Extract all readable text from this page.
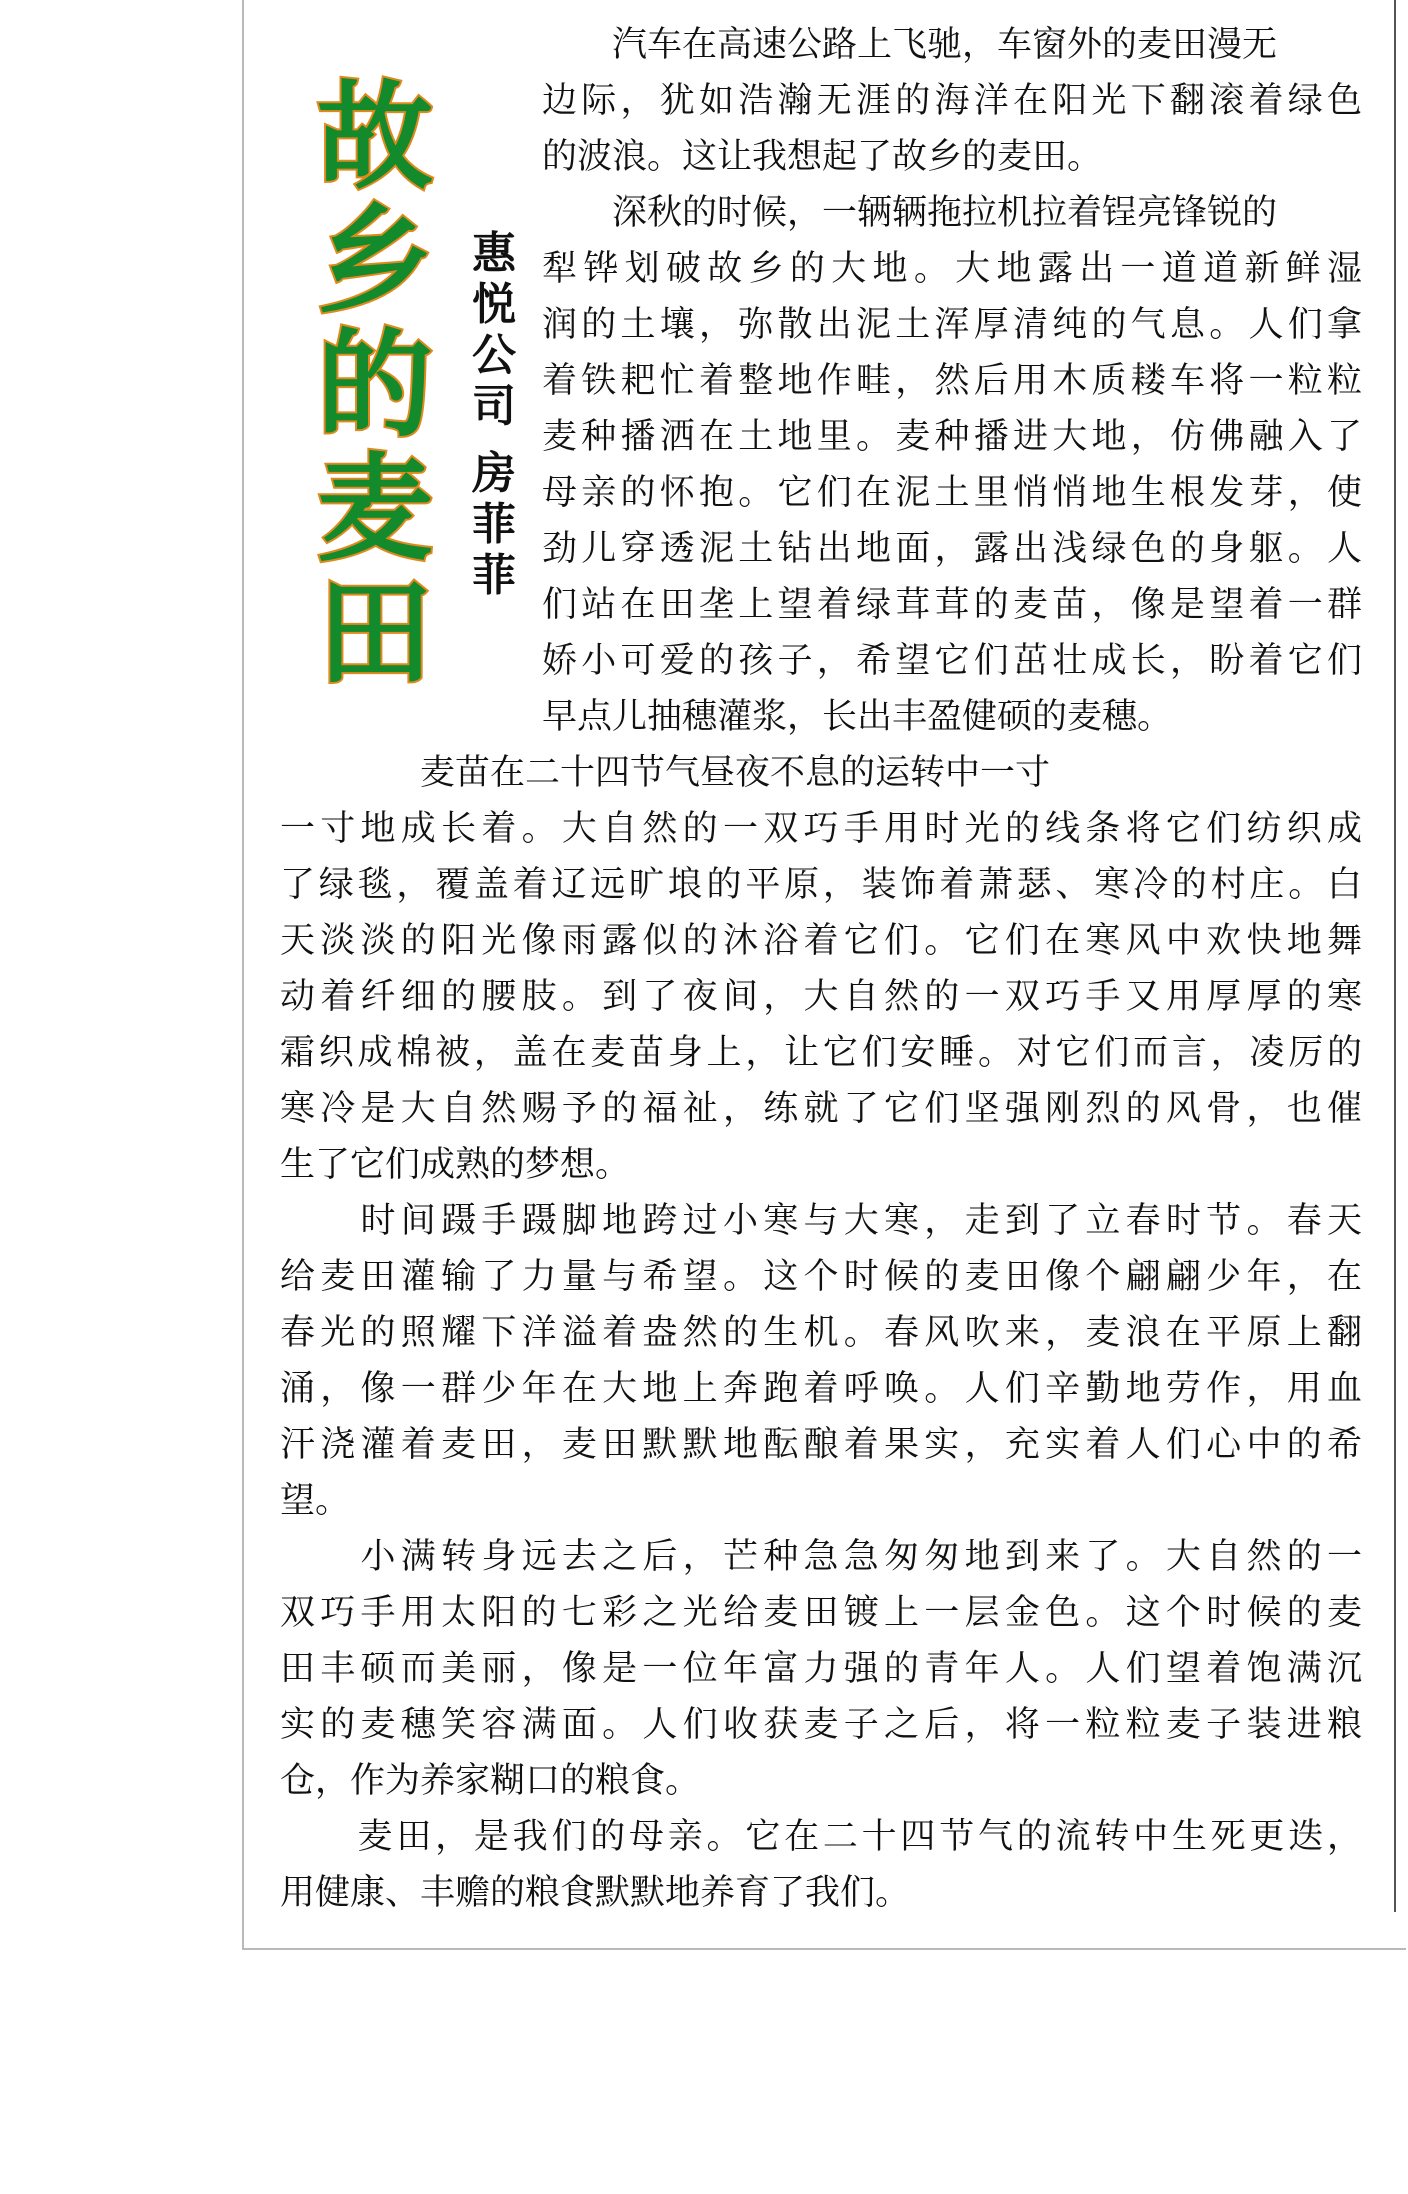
故
乡
的
麦
田
惠
悦
公
司
房
菲
菲
　　汽车在高速公路上飞驰，车窗外的麦田漫无
边际，犹如浩瀚无涯的海洋在阳光下翻滚着绿色
的波浪。这让我想起了故乡的麦田。
　　深秋的时候，一辆辆拖拉机拉着锃亮锋锐的
犁铧划破故乡的大地。大地露出一道道新鲜湿
润的土壤，弥散出泥土浑厚清纯的气息。人们拿
着铁耙忙着整地作畦，然后用木质耧车将一粒粒
麦种播洒在土地里。麦种播进大地，仿佛融入了
母亲的怀抱。它们在泥土里悄悄地生根发芽，使
劲儿穿透泥土钻出地面，露出浅绿色的身躯。人
们站在田垄上望着绿茸茸的麦苗，像是望着一群
娇小可爱的孩子，希望它们茁壮成长，盼着它们
早点儿抽穗灌浆，长出丰盈健硕的麦穗。
　　　　麦苗在二十四节气昼夜不息的运转中一寸
一寸地成长着。大自然的一双巧手用时光的线条将它们纺织成
了绿毯，覆盖着辽远旷埌的平原，装饰着萧瑟、寒冷的村庄。白
天淡淡的阳光像雨露似的沐浴着它们。它们在寒风中欢快地舞
动着纤细的腰肢。到了夜间，大自然的一双巧手又用厚厚的寒
霜织成棉被，盖在麦苗身上，让它们安睡。对它们而言，凌厉的
寒冷是大自然赐予的福祉，练就了它们坚强刚烈的风骨，也催
生了它们成熟的梦想。
　　时间蹑手蹑脚地跨过小寒与大寒，走到了立春时节。春天
给麦田灌输了力量与希望。这个时候的麦田像个翩翩少年，在
春光的照耀下洋溢着盎然的生机。春风吹来，麦浪在平原上翻
涌，像一群少年在大地上奔跑着呼唤。人们辛勤地劳作，用血
汗浇灌着麦田，麦田默默地酝酿着果实，充实着人们心中的希
望。
　　小满转身远去之后，芒种急急匆匆地到来了。大自然的一
双巧手用太阳的七彩之光给麦田镀上一层金色。这个时候的麦
田丰硕而美丽，像是一位年富力强的青年人。人们望着饱满沉
实的麦穗笑容满面。人们收获麦子之后，将一粒粒麦子装进粮
仓，作为养家糊口的粮食。
　　麦田，是我们的母亲。它在二十四节气的流转中生死更迭，
用健康、丰赡的粮食默默地养育了我们。
